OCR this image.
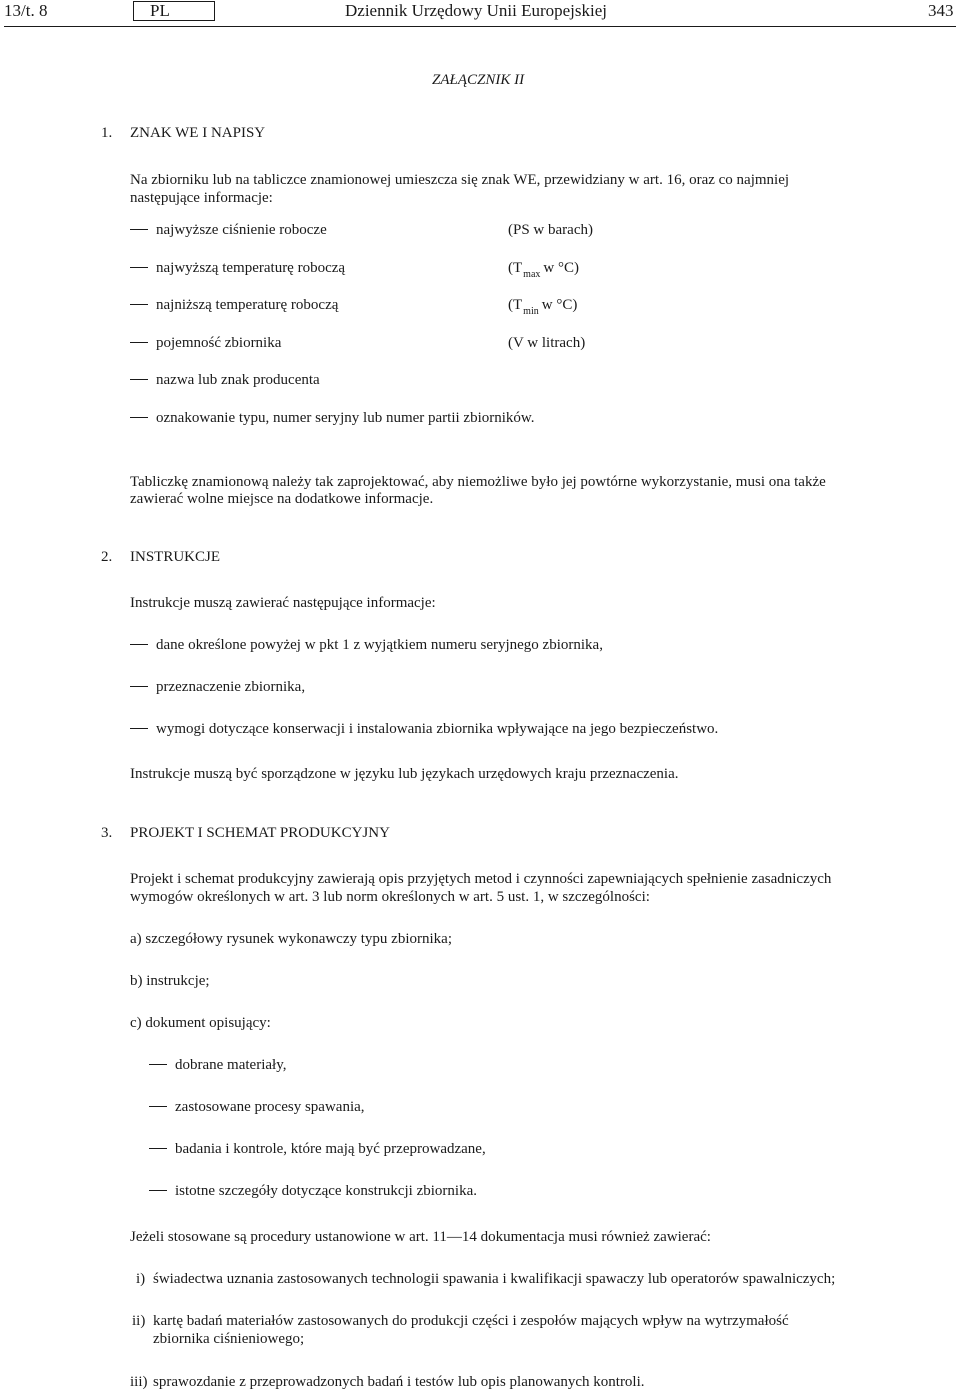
13/t. 8	PL	Dziennik Urzędowy Unii Europejskiej	343
ZAŁĄCZNIK II
1. ZNAK WE I NAPISY
Na zbiorniku lub na tabliczce znamionowej umieszcza się znak WE, przewidziany w art. 16, oraz co najmniej
następujące informacje:
najwyższe ciśnienie robocze	(PS w barach)
najwyższą temperaturę roboczą	($T_{max}$ w °C)
najniższą temperaturę roboczą	($T_{min}$ w °C)
pojemność zbiornika	(V w litrach)
nazwa lub znak producenta
oznakowanie typu, numer seryjny lub numer partii zbiorników.
Tabliczkę znamionową należy tak zaprojektować, aby niemożliwe było jej powtórne wykorzystanie, musi ona także
zawierać wolne miejsce na dodatkowe informacje.
2. INSTRUKCJE
Instrukcje muszą zawierać następujące informacje:
dane określone powyżej w pkt 1 z wyjątkiem numeru seryjnego zbiornika,
przeznaczenie zbiornika,
wymogi dotyczące konserwacji i instalowania zbiornika wpływające na jego bezpieczeństwo.
Instrukcje muszą być sporządzone w języku lub językach urzędowych kraju przeznaczenia.
3. PROJEKT I SCHEMAT PRODUKCYJNY
Projekt i schemat produkcyjny zawierają opis przyjętych metod i czynności zapewniających spełnienie zasadniczych
wymogów określonych w art. 3 lub norm określonych w art. 5 ust. 1, w szczególności:
a) szczegółowy rysunek wykonawczy typu zbiornika;
b) instrukcje;
c) dokument opisujący:
dobrane materiały,
zastosowane procesy spawania,
badania i kontrole, które mają być przeprowadzane,
istotne szczegóły dotyczące konstrukcji zbiornika.
Jeżeli stosowane są procedury ustanowione w art. 11—14 dokumentacja musi również zawierać:
i) świadectwa uznania zastosowanych technologii spawania i kwalifikacji spawaczy lub operatorów spawalniczych;
ii) kartę badań materiałów zastosowanych do produkcji części i zespołów mających wpływ na wytrzymałość
zbiornika ciśnieniowego;
iii) sprawozdanie z przeprowadzonych badań i testów lub opis planowanych kontroli.
